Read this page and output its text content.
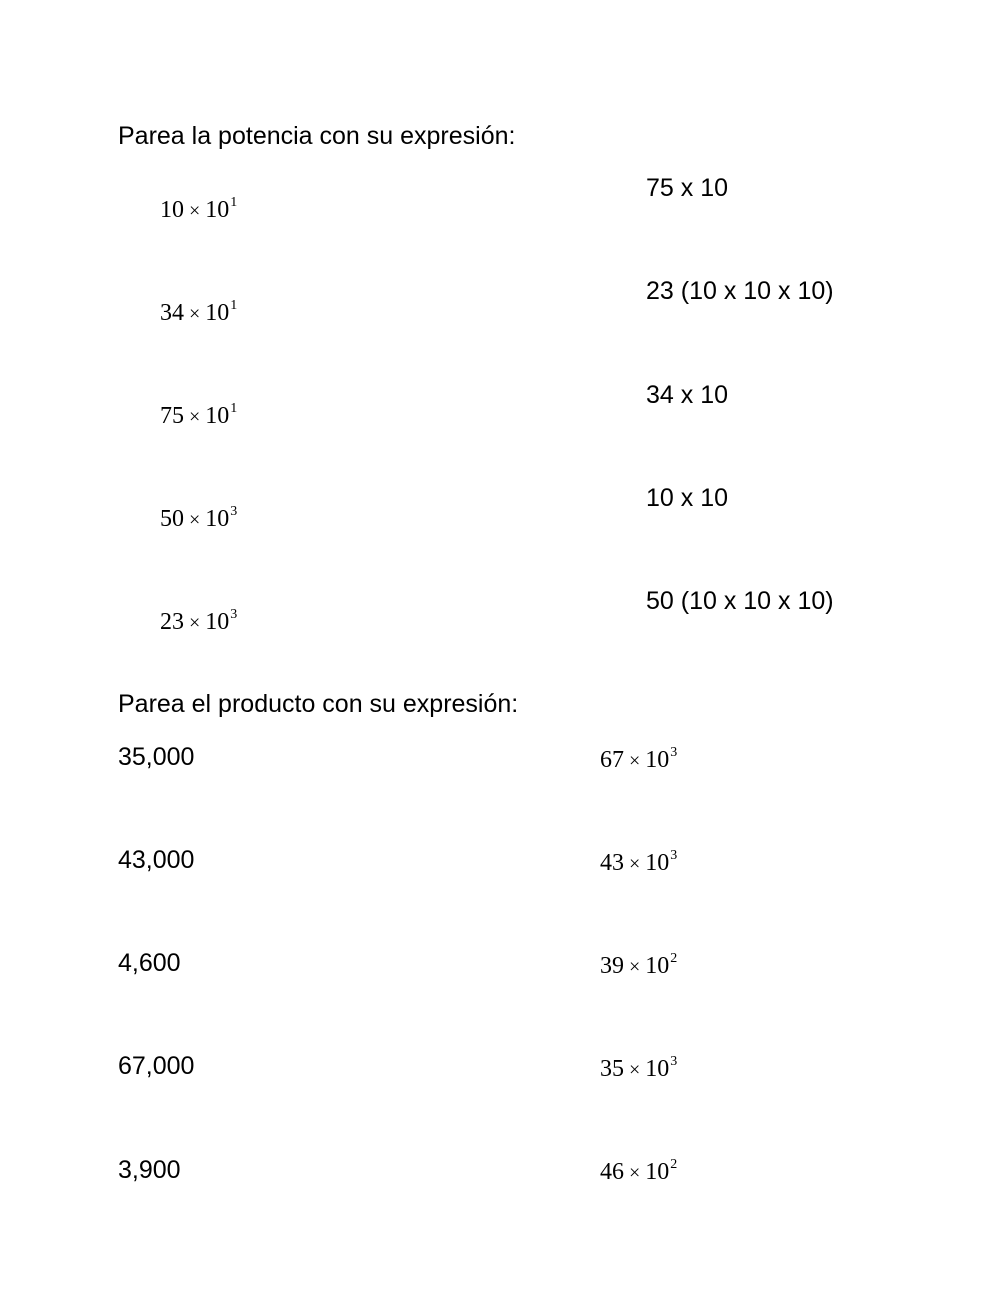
Parea la potencia con su expresión:
$10 \times 10^1$
$34 \times 10^1$
$75 \times 10^1$
$50 \times 10^3$
$23 \times 10^3$
75 x 10
23 (10 x 10 x 10)
34 x 10
10 x 10
50 (10 x 10 x 10)
Parea el producto con su expresión:
35,000
43,000
4,600
67,000
3,900
$67 \times 10^3$
$43 \times 10^3$
$39 \times 10^2$
$35 \times 10^3$
$46 \times 10^2$
